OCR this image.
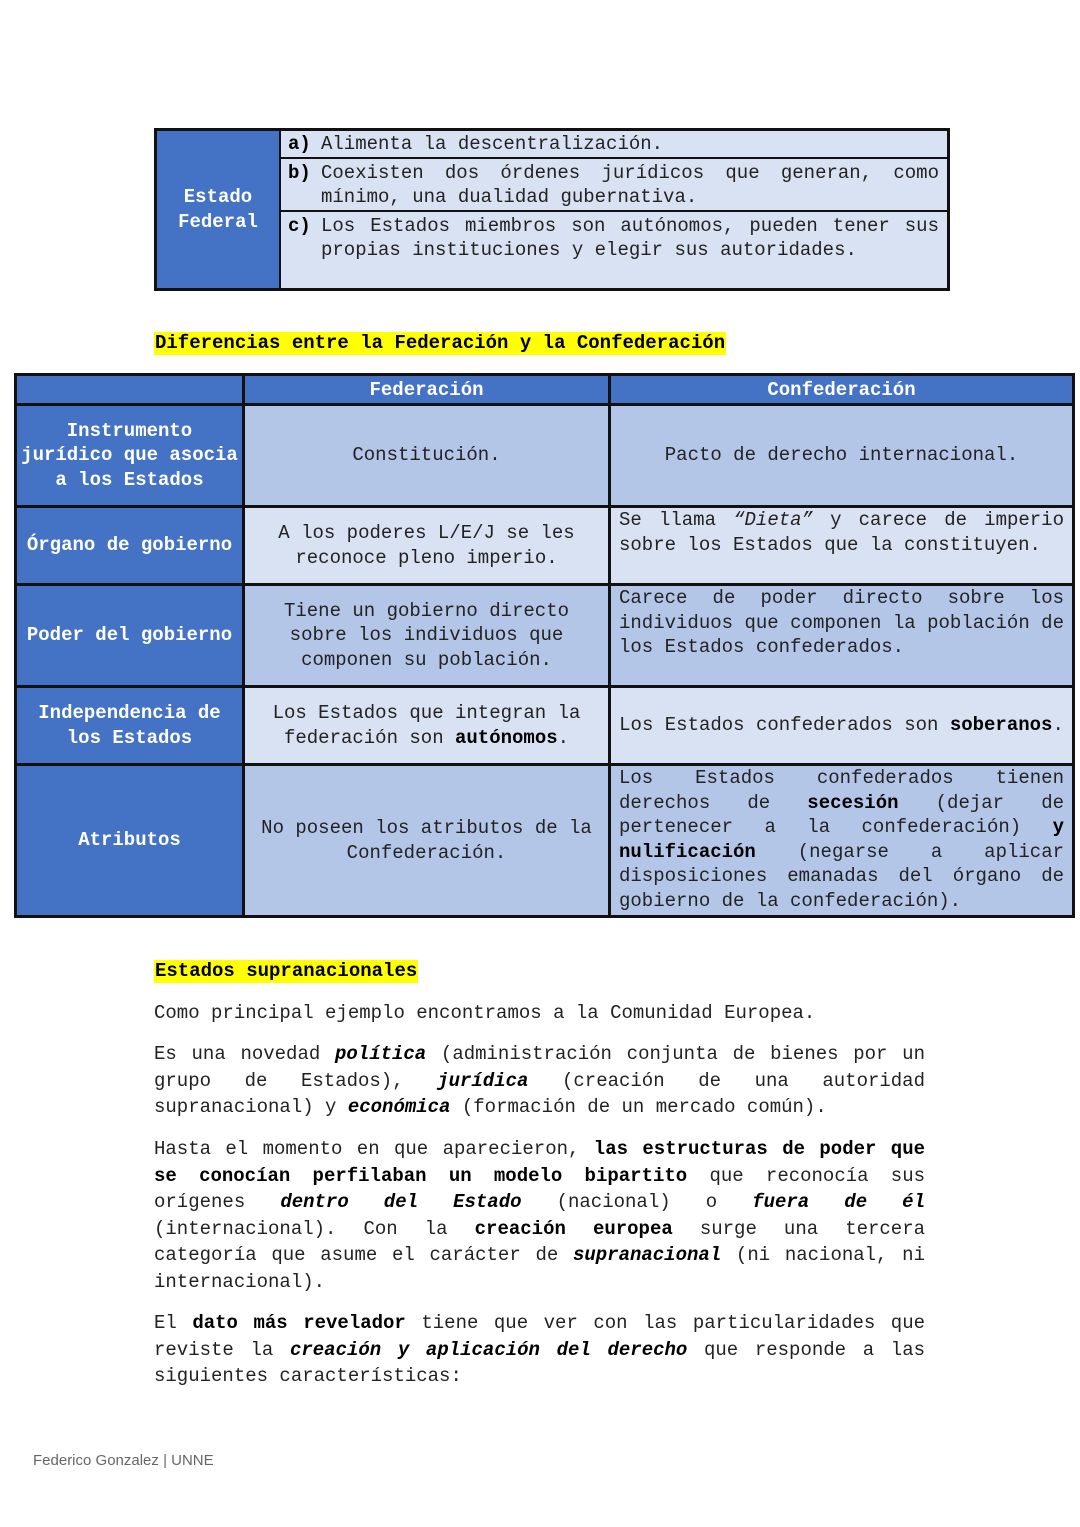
Estado
Federal	
a) Alimenta la descentralización.

b) Coexisten dos órdenes jurídicos que generan, como mínimo, una dualidad gubernativa.

c) Los Estados miembros son autónomos, pueden tener sus propias instituciones y elegir sus autoridades.

Diferencias entre la Federación y la Confederación

	Federación	Confederación
Instrumento jurídico que asocia a los Estados	Constitución.	Pacto de derecho internacional.
Órgano de gobierno	A los poderes L/E/J se les reconoce pleno imperio.	Se llama “Dieta” y carece de imperio sobre los Estados que la constituyen.
Poder del gobierno	Tiene un gobierno directo sobre los individuos que componen su población.	Carece de poder directo sobre los individuos que componen la población de los Estados confederados.
Independencia de los Estados	Los Estados que integran la federación son autónomos.	Los Estados confederados son soberanos.
Atributos	No poseen los atributos de la Confederación.	Los Estados confederados tienen derechos de secesión (dejar de pertenecer a la confederación) y nulificación (negarse a aplicar disposiciones emanadas del órgano de gobierno de la confederación).

Estados supranacionales

Como principal ejemplo encontramos a la Comunidad Europea.

Es una novedad política (administración conjunta de bienes por un grupo de Estados), jurídica (creación de una autoridad supranacional) y económica (formación de un mercado común).

Hasta el momento en que aparecieron, las estructuras de poder que se conocían perfilaban un modelo bipartito que reconocía sus orígenes dentro del Estado (nacional) o fuera de él (internacional). Con la creación europea surge una tercera categoría que asume el carácter de supranacional (ni nacional, ni internacional).

El dato más revelador tiene que ver con las particularidades que reviste la creación y aplicación del derecho que responde a las siguientes características:

Federico Gonzalez | UNNE
